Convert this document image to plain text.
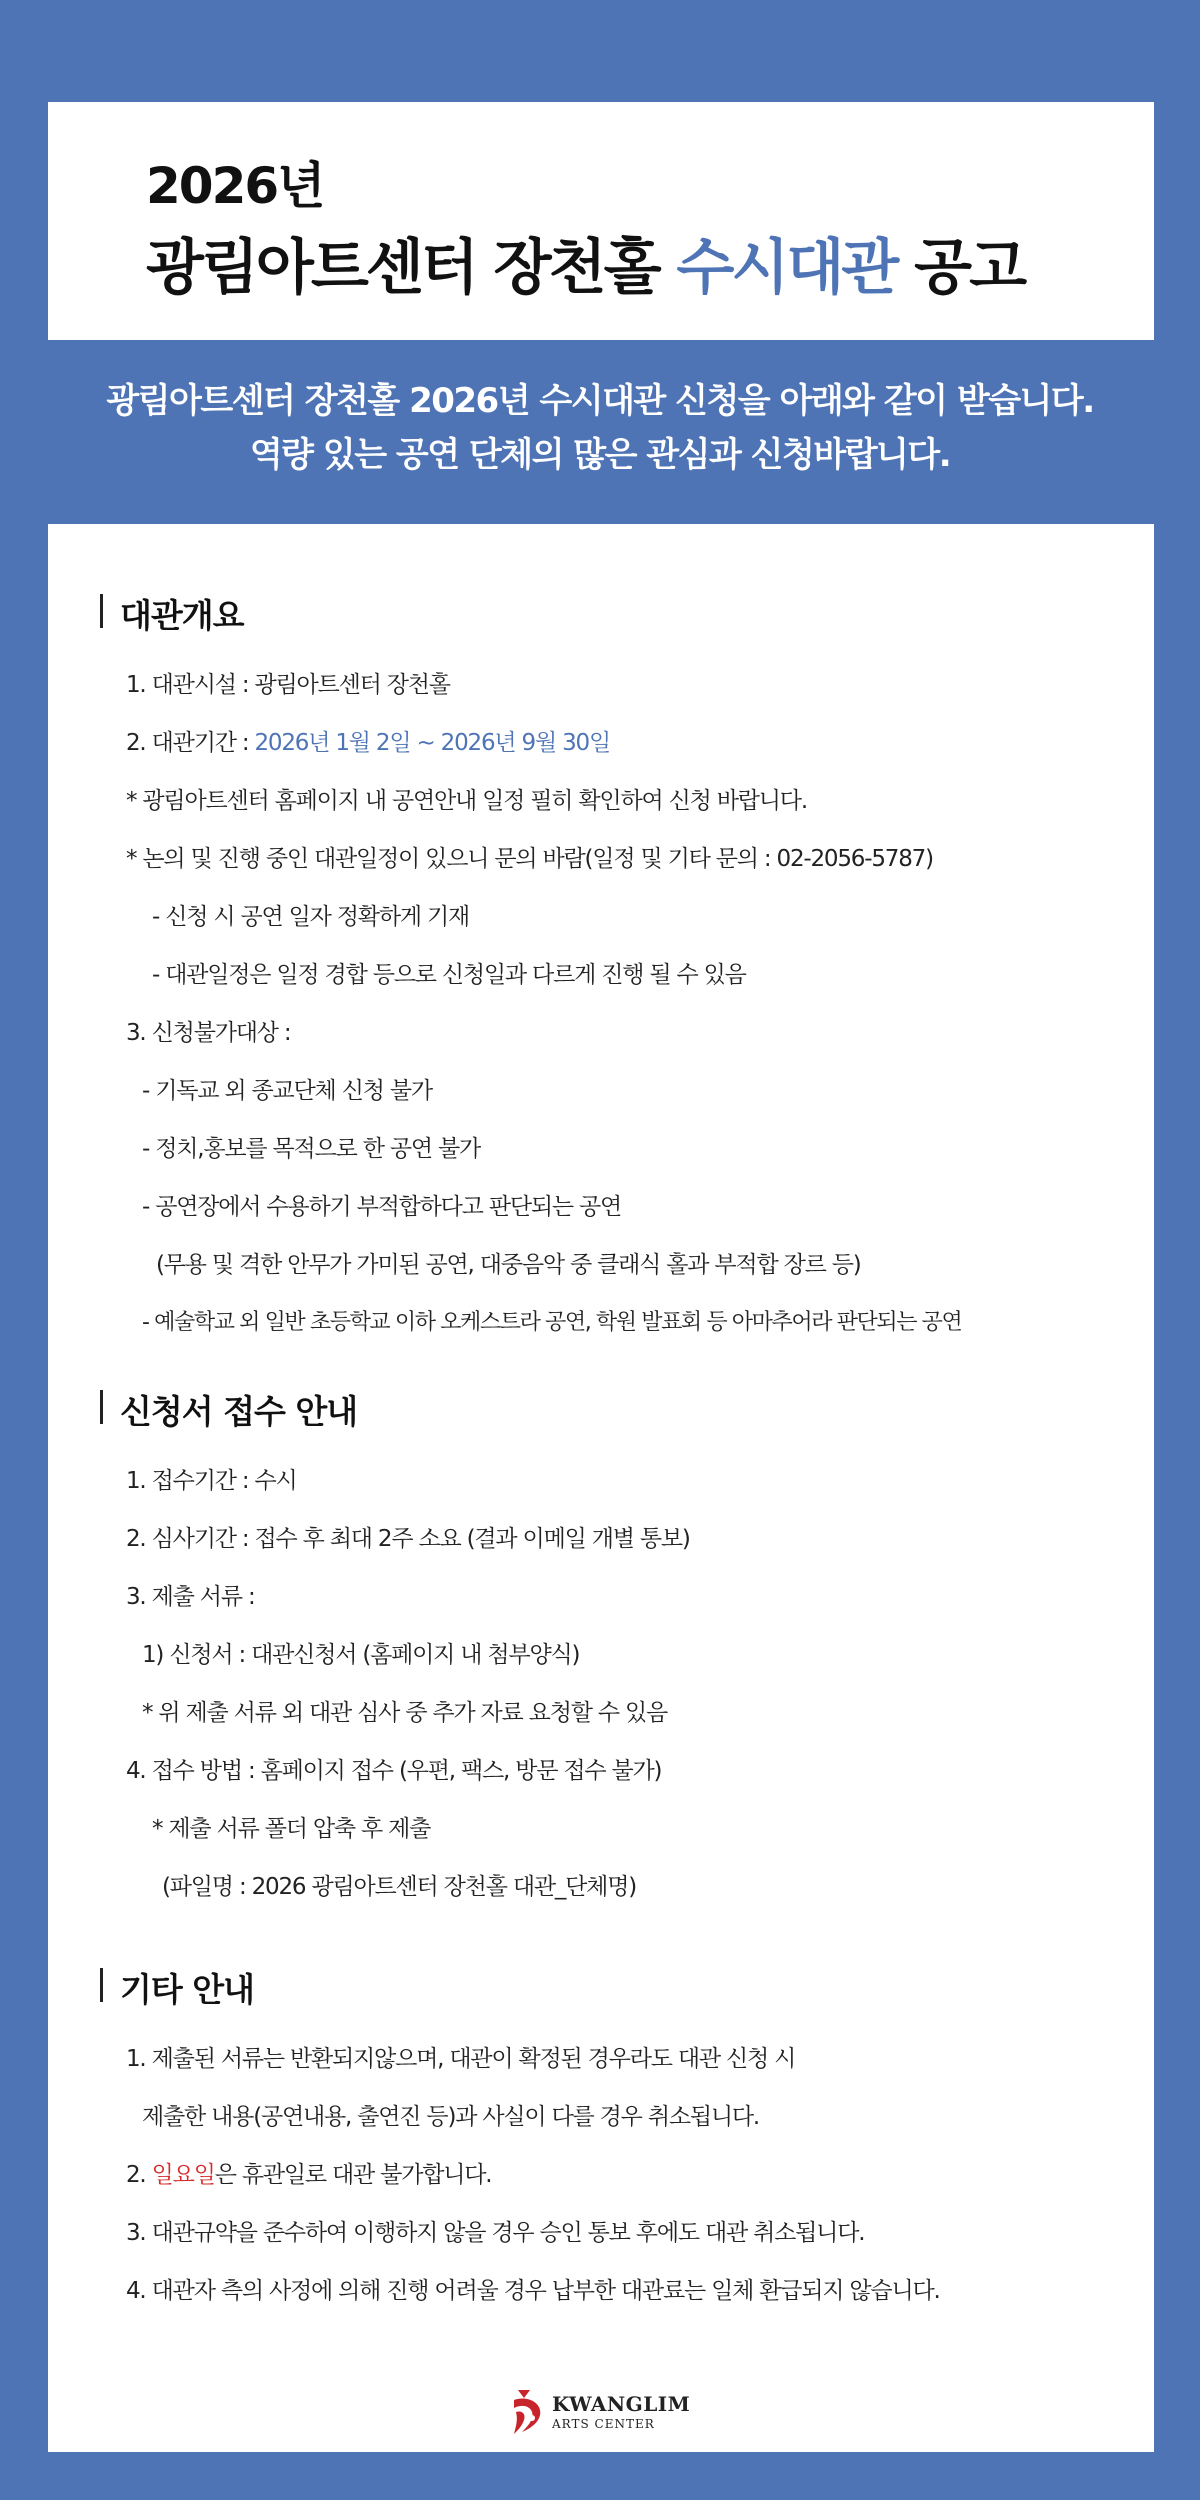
2026년
광림아트센터 장천홀 수시대관 공고
광림아트센터 장천홀 2026년 수시대관 신청을 아래와 같이 받습니다.
역량 있는 공연 단체의 많은 관심과 신청바랍니다.
대관개요
1. 대관시설 : 광림아트센터 장천홀
2. 대관기간 : 2026년 1월 2일 ~ 2026년 9월 30일
* 광림아트센터 홈페이지 내 공연안내 일정 필히 확인하여 신청 바랍니다.
* 논의 및 진행 중인 대관일정이 있으니 문의 바람(일정 및 기타 문의 : 02-2056-5787)
- 신청 시 공연 일자 정확하게 기재
- 대관일정은 일정 경합 등으로 신청일과 다르게 진행 될 수 있음
3. 신청불가대상 :
- 기독교 외 종교단체 신청 불가
- 정치,홍보를 목적으로 한 공연 불가
- 공연장에서 수용하기 부적합하다고 판단되는 공연
(무용 및 격한 안무가 가미된 공연, 대중음악 중 클래식 홀과 부적합 장르 등)
- 예술학교 외 일반 초등학교 이하 오케스트라 공연, 학원 발표회 등 아마추어라 판단되는 공연
신청서 접수 안내
1. 접수기간 : 수시
2. 심사기간 : 접수 후 최대 2주 소요 (결과 이메일 개별 통보)
3. 제출 서류 :
1) 신청서 : 대관신청서 (홈페이지 내 첨부양식)
* 위 제출 서류 외 대관 심사 중 추가 자료 요청할 수 있음
4. 접수 방법 : 홈페이지 접수 (우편, 팩스, 방문 접수 불가)
* 제출 서류 폴더 압축 후 제출
(파일명 : 2026 광림아트센터 장천홀 대관_단체명)
기타 안내
1. 제출된 서류는 반환되지않으며, 대관이 확정된 경우라도 대관 신청 시
제출한 내용(공연내용, 출연진 등)과 사실이 다를 경우 취소됩니다.
2. 일요일은 휴관일로 대관 불가합니다.
3. 대관규약을 준수하여 이행하지 않을 경우 승인 통보 후에도 대관 취소됩니다.
4. 대관자 측의 사정에 의해 진행 어려울 경우 납부한 대관료는 일체 환급되지 않습니다.
KWANGLIM
ARTS CENTER
